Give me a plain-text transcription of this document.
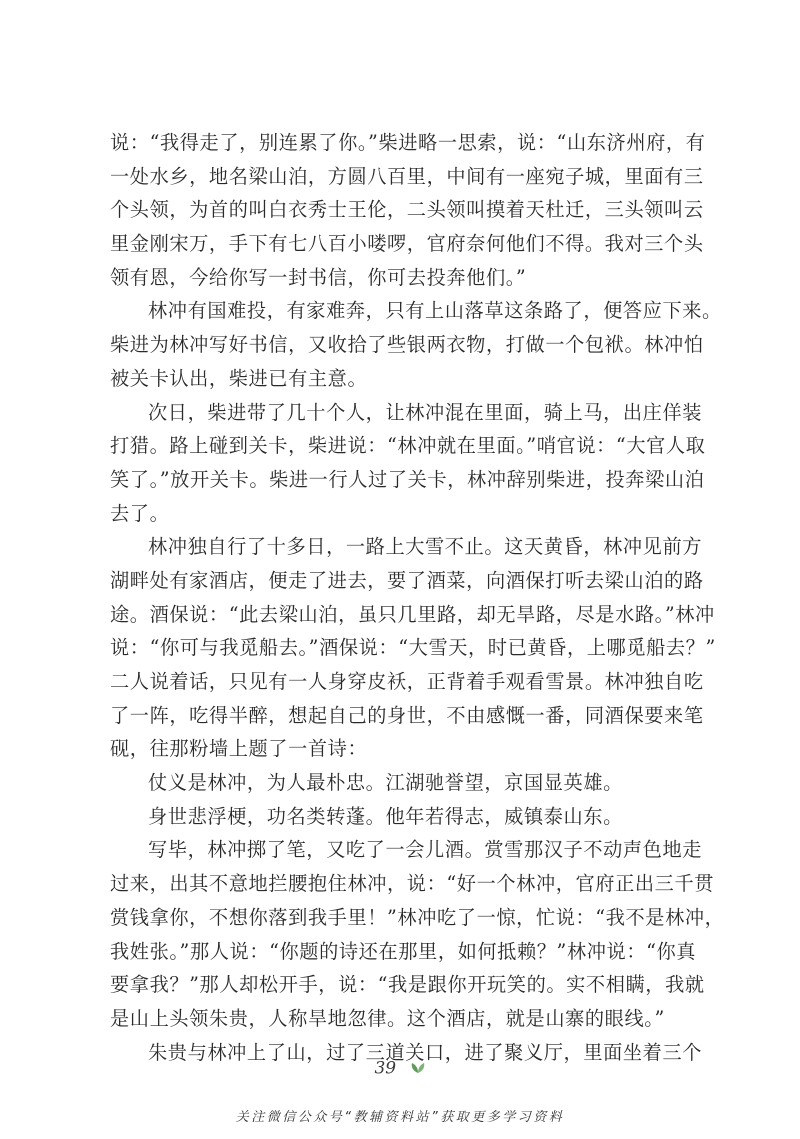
说：“我得走了，别连累了你。”柴进略一思索，说：“山东济州府，有

一处水乡，地名梁山泊，方圆八百里，中间有一座宛子城，里面有三

个头领，为首的叫白衣秀士王伦，二头领叫摸着天杜迁，三头领叫云

里金刚宋万，手下有七八百小喽啰，官府奈何他们不得。我对三个头

领有恩，今给你写一封书信，你可去投奔他们。”

林冲有国难投，有家难奔，只有上山落草这条路了，便答应下来。

柴进为林冲写好书信，又收拾了些银两衣物，打做一个包袱。林冲怕

被关卡认出，柴进已有主意。

次日，柴进带了几十个人，让林冲混在里面，骑上马，出庄佯装

打猎。路上碰到关卡，柴进说：“林冲就在里面。”哨官说：“大官人取

笑了。”放开关卡。柴进一行人过了关卡，林冲辞别柴进，投奔梁山泊

去了。

林冲独自行了十多日，一路上大雪不止。这天黄昏，林冲见前方

湖畔处有家酒店，便走了进去，要了酒菜，向酒保打听去梁山泊的路

途。酒保说：“此去梁山泊，虽只几里路，却无旱路，尽是水路。”林冲

说：“你可与我觅船去。”酒保说：“大雪天，时已黄昏，上哪觅船去？”

二人说着话，只见有一人身穿皮袄，正背着手观看雪景。林冲独自吃

了一阵，吃得半醉，想起自己的身世，不由感慨一番，同酒保要来笔

砚，往那粉墙上题了一首诗：

仗义是林冲，为人最朴忠。江湖驰誉望，京国显英雄。

身世悲浮梗，功名类转蓬。他年若得志，威镇泰山东。

写毕，林冲掷了笔，又吃了一会儿酒。赏雪那汉子不动声色地走

过来，出其不意地拦腰抱住林冲，说：“好一个林冲，官府正出三千贯

赏钱拿你，不想你落到我手里！”林冲吃了一惊，忙说：“我不是林冲，

我姓张。”那人说：“你题的诗还在那里，如何抵赖？”林冲说：“你真

要拿我？”那人却松开手，说：“我是跟你开玩笑的。实不相瞒，我就

是山上头领朱贵，人称旱地忽律。这个酒店，就是山寨的眼线。”

朱贵与林冲上了山，过了三道关口，进了聚义厅，里面坐着三个

39
关注微信公众号“教辅资料站”获取更多学习资料
